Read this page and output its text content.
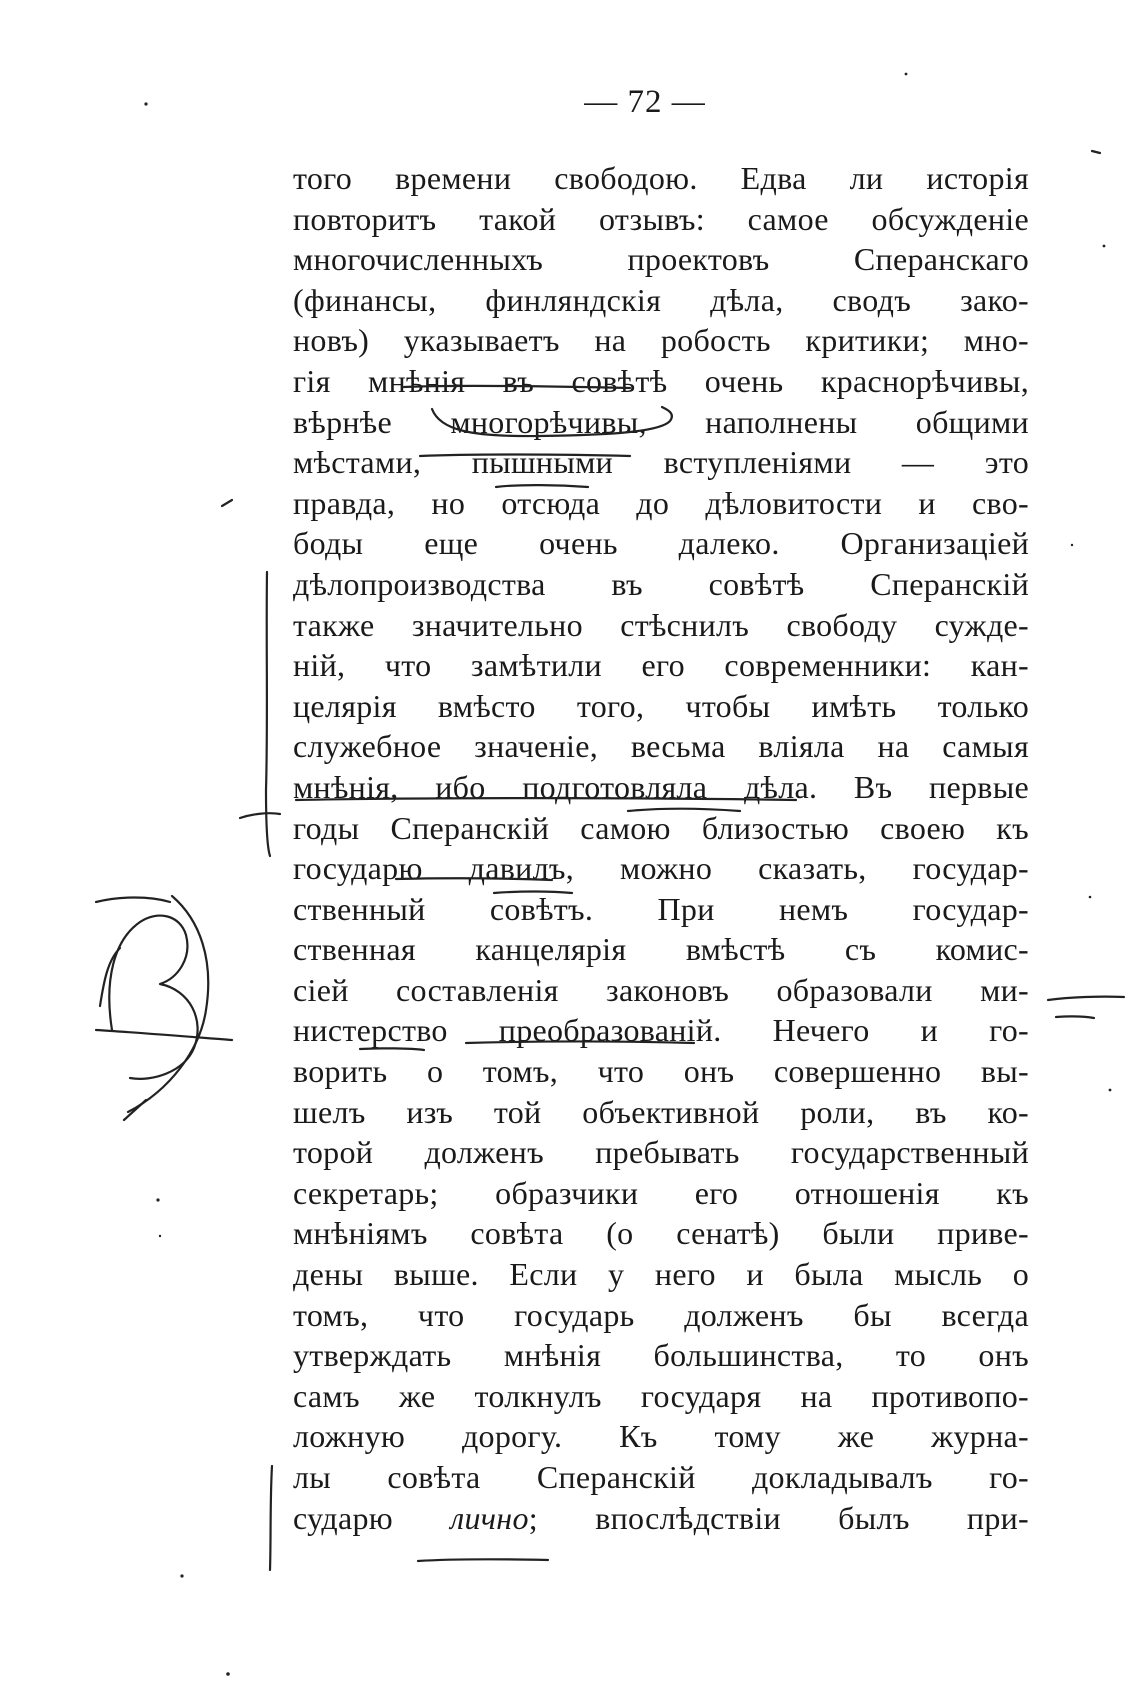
— 72 —
того времени свободою. Едва ли исторія
повторитъ такой отзывъ: самое обсужденіе
многочисленныхъ проектовъ Сперанскаго
(финансы, финляндскія дѣла, сводъ зако-
новъ) указываетъ на робость критики; мно-
гія мнѣнія въ совѣтѣ очень краснорѣчивы,
вѣрнѣе многорѣчивы, наполнены общими
мѣстами, пышными вступленіями — это
правда, но отсюда до дѣловитости и сво-
боды еще очень далеко. Организаціей
дѣлопроизводства въ совѣтѣ Сперанскій
также значительно стѣснилъ свободу сужде-
ній, что замѣтили его современники: кан-
целярія вмѣсто того, чтобы имѣть только
служебное значеніе, весьма вліяла на самыя
мнѣнія, ибо подготовляла дѣла. Въ первые
годы Сперанскій самою близостью своею къ
государю давилъ, можно сказать, государ-
ственный совѣтъ. При немъ государ-
ственная канцелярія вмѣстѣ съ комис-
сіей составленія законовъ образовали ми-
нистерство преобразованій. Нечего и го-
ворить о томъ, что онъ совершенно вы-
шелъ изъ той объективной роли, въ ко-
торой долженъ пребывать государственный
секретарь; образчики его отношенія къ
мнѣніямъ совѣта (о сенатѣ) были приве-
дены выше. Если у него и была мысль о
томъ, что государь долженъ бы всегда
утверждать мнѣнія большинства, то онъ
самъ же толкнулъ государя на противопо-
ложную дорогу. Къ тому же журна-
лы совѣта Сперанскій докладывалъ го-
сударю лично; впослѣдствіи былъ при-
